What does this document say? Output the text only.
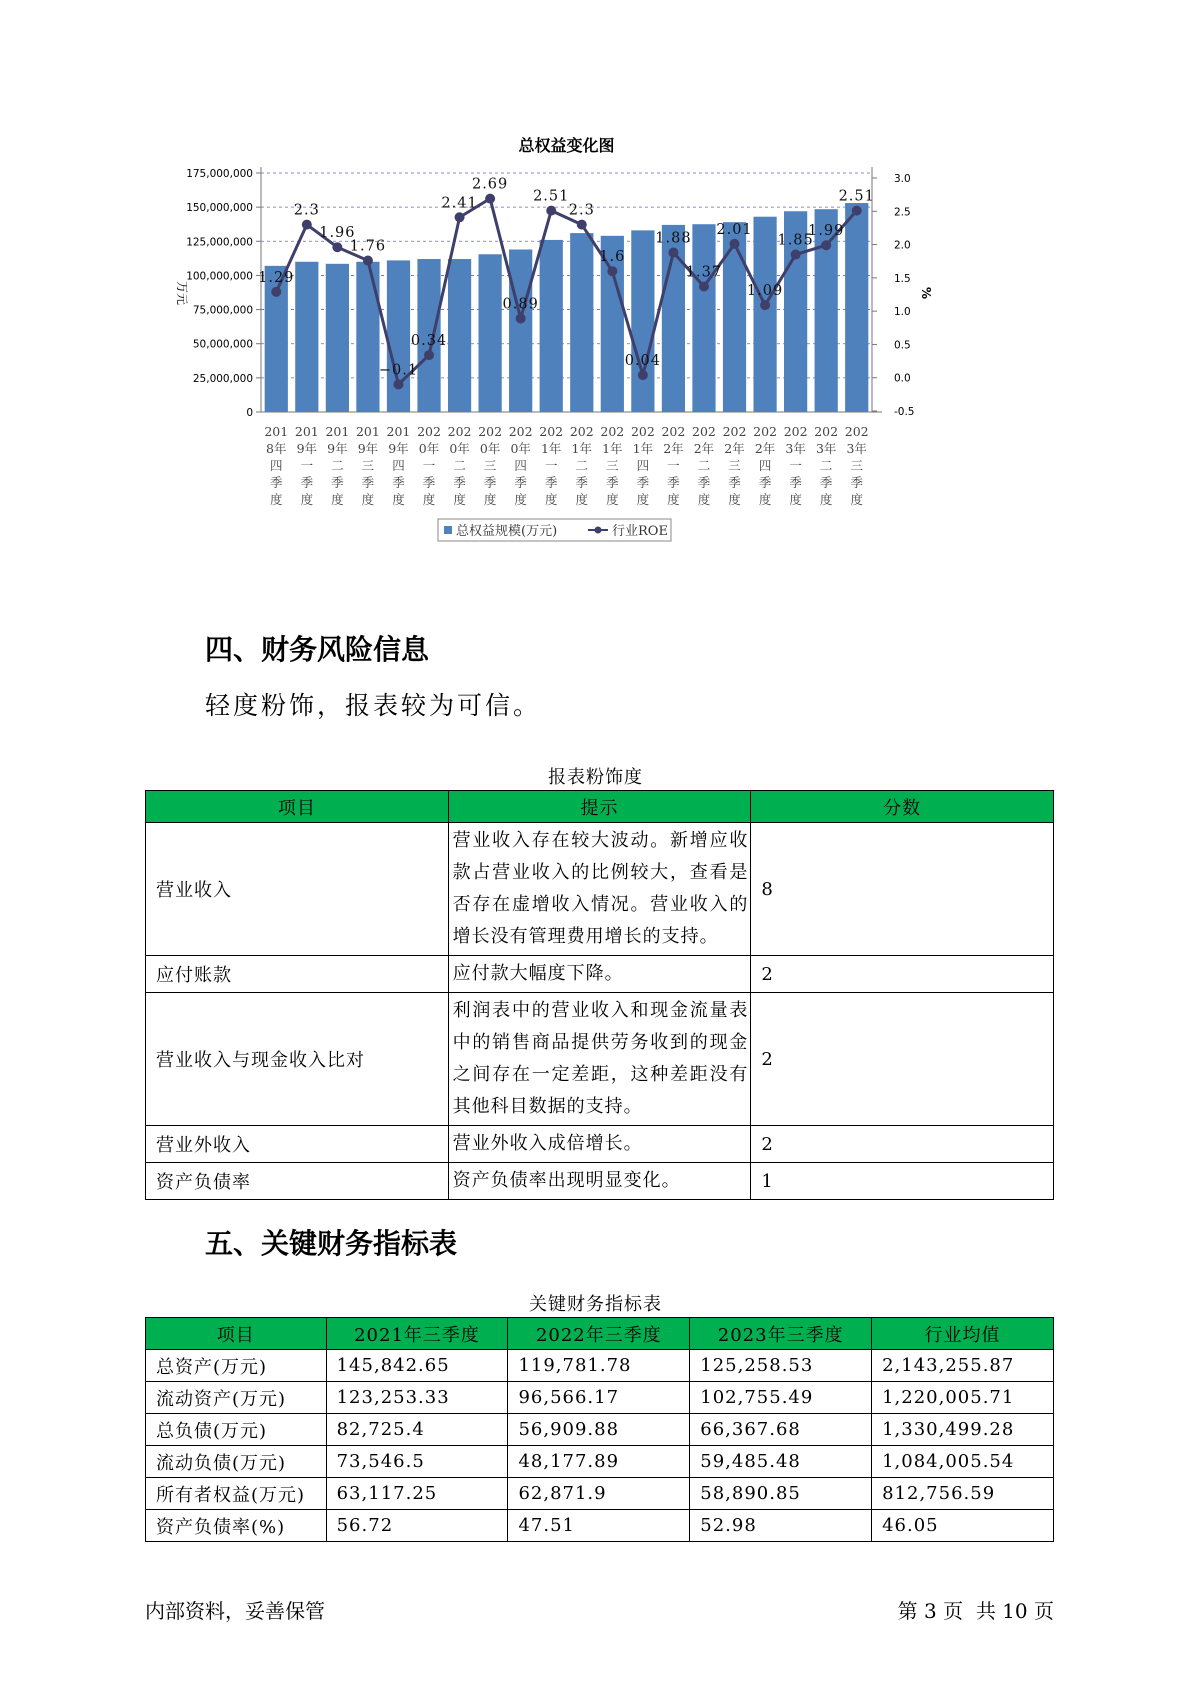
总权益变化图
0
25,000,000
50,000,000
75,000,000
100,000,000
125,000,000
150,000,000
175,000,000
-0.5
0.0
0.5
1.0
1.5
2.0
2.5
3.0
万元	%
201
8年
四
季
度
201
9年
一
季
度
201
9年
二
季
度
201
9年
三
季
度
201
9年
四
季
度
202
0年
一
季
度
202
0年
二
季
度
202
0年
三
季
度
202
0年
四
季
度
202
1年
一
季
度
202
1年
二
季
度
202
1年
三
季
度
202
1年
四
季
度
202
2年
一
季
度
202
2年
二
季
度
202
2年
三
季
度
202
2年
四
季
度
202
3年
一
季
度
202
3年
二
季
度
202
3年
三
季
度
1.29
2.3
1.96
1.76
−0.1
0.34
2.41
2.69
0.89
2.51
2.3
1.6
0.04
1.88
1.37
2.01
1.09
1.85
1.99
2.51
总权益规模(万元)	行业ROE
四、财务风险信息

轻度粉饰，报表较为可信。

报表粉饰度
项目	提示	分数
营业收入	营业收入存在较大波动。新增应收款占营业收入的比例较大，查看是否存在虚增收入情况。营业收入的增长没有管理费用增长的支持。	8
应付账款	应付款大幅度下降。	2
营业收入与现金收入比对	利润表中的营业收入和现金流量表中的销售商品提供劳务收到的现金之间存在一定差距，这种差距没有其他科目数据的支持。	2
营业外收入	营业外收入成倍增长。	2
资产负债率	资产负债率出现明显变化。	1
五、关键财务指标表
关键财务指标表
项目	2021年三季度	2022年三季度	2023年三季度	行业均值
总资产(万元)	145,842.65	119,781.78	125,258.53	2,143,255.87
流动资产(万元)	123,253.33	96,566.17	102,755.49	1,220,005.71
总负债(万元)	82,725.4	56,909.88	66,367.68	1,330,499.28
流动负债(万元)	73,546.5	48,177.89	59,485.48	1,084,005.54
所有者权益(万元)	63,117.25	62,871.9	58,890.85	812,756.59
资产负债率(%)	56.72	47.51	52.98	46.05
内部资料，妥善保管	第 3 页  共 10 页
